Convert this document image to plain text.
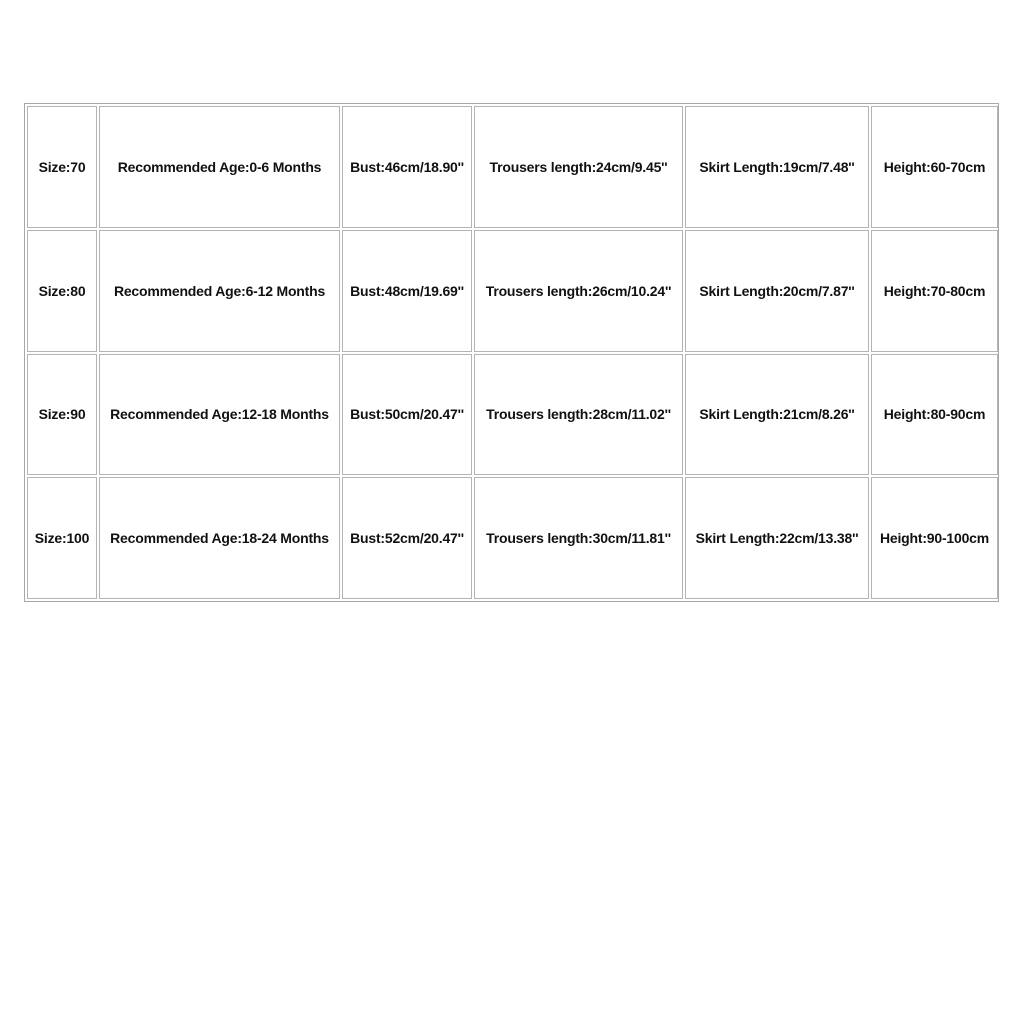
Size:70	Recommended Age:0-6 Months	Bust:46cm/18.90''	Trousers length:24cm/9.45''	Skirt Length:19cm/7.48''	Height:60-70cm
Size:80	Recommended Age:6-12 Months	Bust:48cm/19.69''	Trousers length:26cm/10.24''	Skirt Length:20cm/7.87''	Height:70-80cm
Size:90	Recommended Age:12-18 Months	Bust:50cm/20.47''	Trousers length:28cm/11.02''	Skirt Length:21cm/8.26''	Height:80-90cm
Size:100	Recommended Age:18-24 Months	Bust:52cm/20.47''	Trousers length:30cm/11.81''	Skirt Length:22cm/13.38''	Height:90-100cm
